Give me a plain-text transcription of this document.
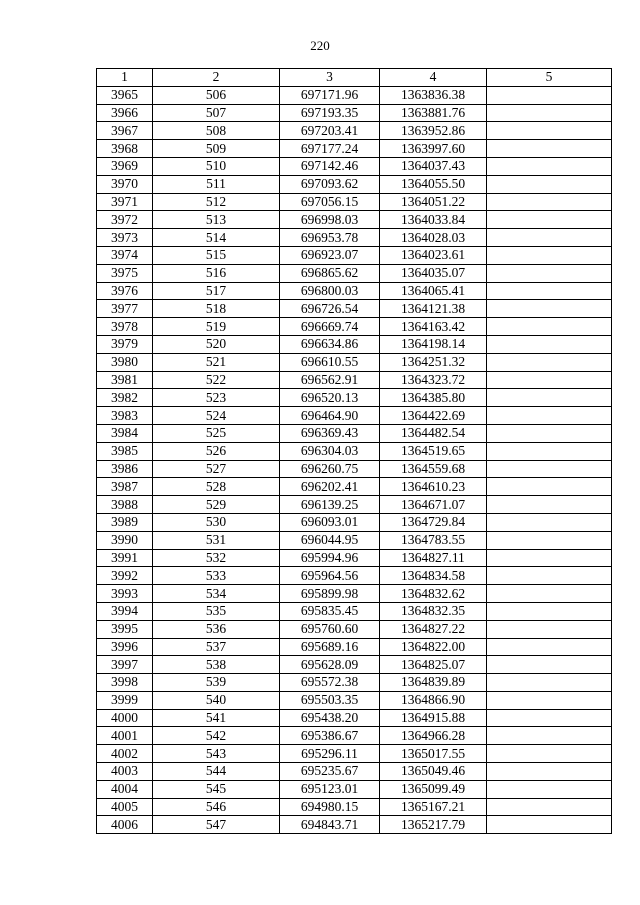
220
1	2	3	4	5
3965	506	697171.96	1363836.38	
3966	507	697193.35	1363881.76	
3967	508	697203.41	1363952.86	
3968	509	697177.24	1363997.60	
3969	510	697142.46	1364037.43	
3970	511	697093.62	1364055.50	
3971	512	697056.15	1364051.22	
3972	513	696998.03	1364033.84	
3973	514	696953.78	1364028.03	
3974	515	696923.07	1364023.61	
3975	516	696865.62	1364035.07	
3976	517	696800.03	1364065.41	
3977	518	696726.54	1364121.38	
3978	519	696669.74	1364163.42	
3979	520	696634.86	1364198.14	
3980	521	696610.55	1364251.32	
3981	522	696562.91	1364323.72	
3982	523	696520.13	1364385.80	
3983	524	696464.90	1364422.69	
3984	525	696369.43	1364482.54	
3985	526	696304.03	1364519.65	
3986	527	696260.75	1364559.68	
3987	528	696202.41	1364610.23	
3988	529	696139.25	1364671.07	
3989	530	696093.01	1364729.84	
3990	531	696044.95	1364783.55	
3991	532	695994.96	1364827.11	
3992	533	695964.56	1364834.58	
3993	534	695899.98	1364832.62	
3994	535	695835.45	1364832.35	
3995	536	695760.60	1364827.22	
3996	537	695689.16	1364822.00	
3997	538	695628.09	1364825.07	
3998	539	695572.38	1364839.89	
3999	540	695503.35	1364866.90	
4000	541	695438.20	1364915.88	
4001	542	695386.67	1364966.28	
4002	543	695296.11	1365017.55	
4003	544	695235.67	1365049.46	
4004	545	695123.01	1365099.49	
4005	546	694980.15	1365167.21	
4006	547	694843.71	1365217.79	
